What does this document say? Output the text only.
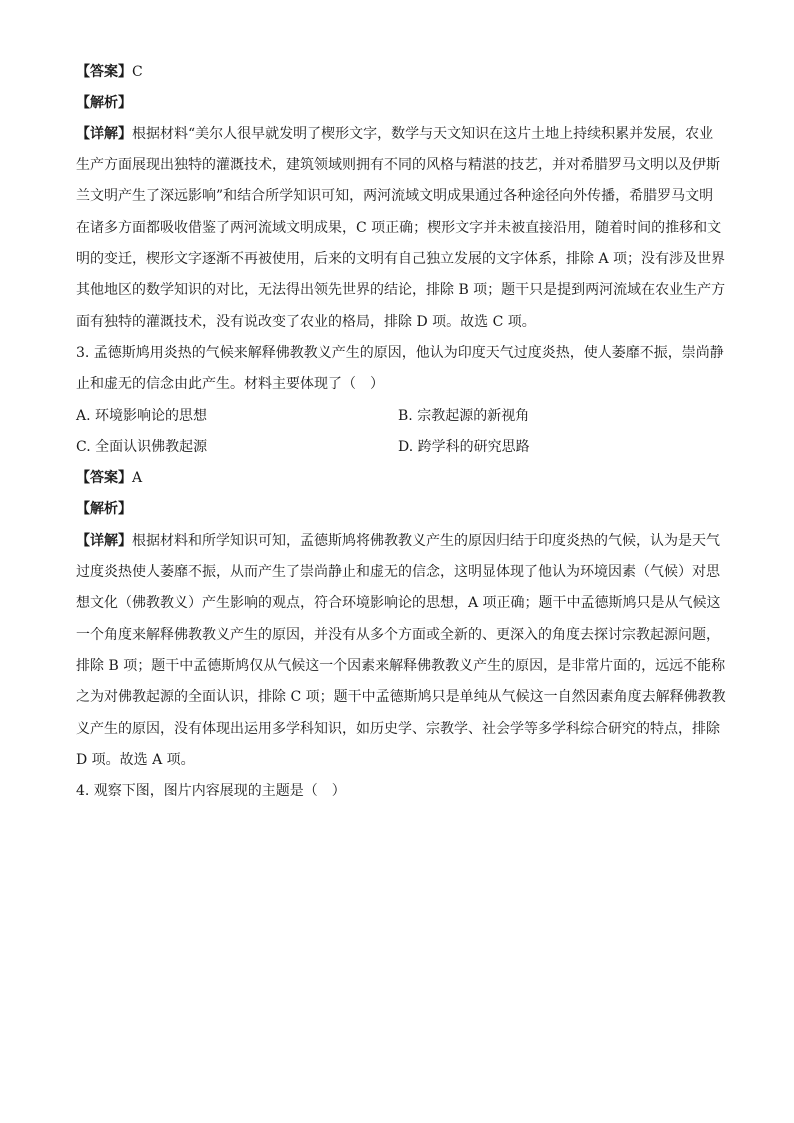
【答案】C
【解析】
【详解】根据材料“美尔人很早就发明了楔形文字，数学与天文知识在这片土地上持续积累并发展，农业
生产方面展现出独特的灌溉技术，建筑领域则拥有不同的风格与精湛的技艺，并对希腊罗马文明以及伊斯
兰文明产生了深远影响”和结合所学知识可知，两河流域文明成果通过各种途径向外传播，希腊罗马文明
在诸多方面都吸收借鉴了两河流域文明成果，C 项正确；楔形文字并未被直接沿用，随着时间的推移和文
明的变迁，楔形文字逐渐不再被使用，后来的文明有自己独立发展的文字体系，排除 A 项；没有涉及世界
其他地区的数学知识的对比，无法得出领先世界的结论，排除 B 项；题干只是提到两河流域在农业生产方
面有独特的灌溉技术，没有说改变了农业的格局，排除 D 项。故选 C 项。
3. 孟德斯鸠用炎热的气候来解释佛教教义产生的原因，他认为印度天气过度炎热，使人萎靡不振，崇尚静
止和虚无的信念由此产生。材料主要体现了（　）
A. 环境影响论的思想	B. 宗教起源的新视角
C. 全面认识佛教起源	D. 跨学科的研究思路
【答案】A
【解析】
【详解】根据材料和所学知识可知，孟德斯鸠将佛教教义产生的原因归结于印度炎热的气候，认为是天气
过度炎热使人萎靡不振，从而产生了崇尚静止和虚无的信念，这明显体现了他认为环境因素（气候）对思
想文化（佛教教义）产生影响的观点，符合环境影响论的思想，A 项正确；题干中孟德斯鸠只是从气候这
一个角度来解释佛教教义产生的原因，并没有从多个方面或全新的、更深入的角度去探讨宗教起源问题，
排除 B 项；题干中孟德斯鸠仅从气候这一个因素来解释佛教教义产生的原因，是非常片面的，远远不能称
之为对佛教起源的全面认识，排除 C 项；题干中孟德斯鸠只是单纯从气候这一自然因素角度去解释佛教教
义产生的原因，没有体现出运用多学科知识，如历史学、宗教学、社会学等多学科综合研究的特点，排除
D 项。故选 A 项。
4. 观察下图，图片内容展现的主题是（　）
